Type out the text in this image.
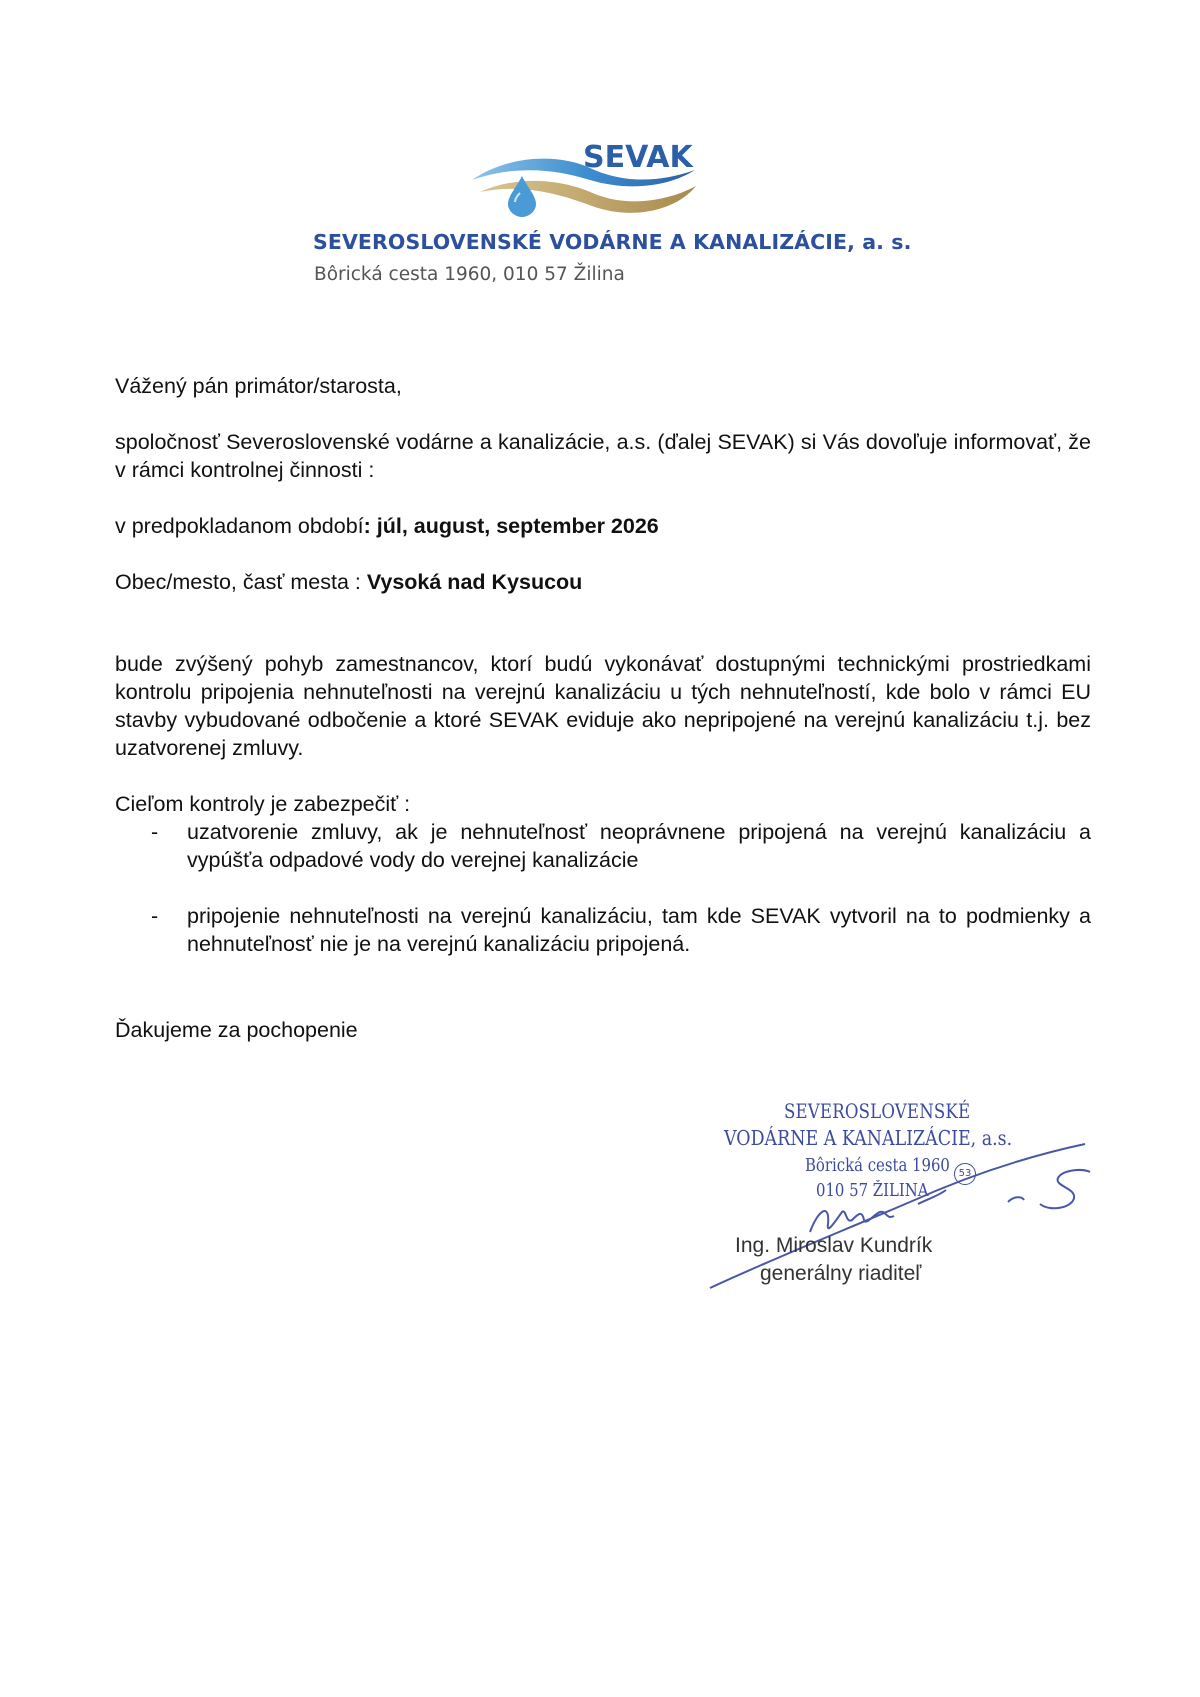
SEVAK
SEVEROSLOVENSKÉ VODÁRNE A KANALIZÁCIE, a. s.
Bôrická cesta 1960, 010 57 Žilina
Vážený pán primátor/starosta,
spoločnosť Severoslovenské vodárne a kanalizácie, a.s. (ďalej SEVAK) si Vás dovoľuje informovať, že v rámci kontrolnej činnosti :
v predpokladanom období: júl, august, september 2026
Obec/mesto, časť mesta : Vysoká nad Kysucou
bude zvýšený pohyb zamestnancov, ktorí budú vykonávať dostupnými technickými prostriedkami kontrolu pripojenia nehnuteľnosti na verejnú kanalizáciu u tých nehnuteľností, kde bolo v rámci EU stavby vybudované odbočenie a ktoré SEVAK eviduje ako nepripojené na verejnú kanalizáciu t.j. bez uzatvorenej zmluvy.
Cieľom kontroly je zabezpečiť :
- uzatvorenie zmluvy, ak je nehnuteľnosť neoprávnene pripojená na verejnú kanalizáciu a vypúšťa odpadové vody do verejnej kanalizácie
- pripojenie nehnuteľnosti na verejnú kanalizáciu, tam kde SEVAK vytvoril na to podmienky a nehnuteľnosť nie je na verejnú kanalizáciu pripojená.
Ďakujeme za pochopenie
SEVEROSLOVENSKÉ
VODÁRNE A KANALIZÁCIE, a.s.
Bôrická cesta 1960
010 57 ŽILINA
53
Ing. Miroslav Kundrík
generálny riaditeľ
